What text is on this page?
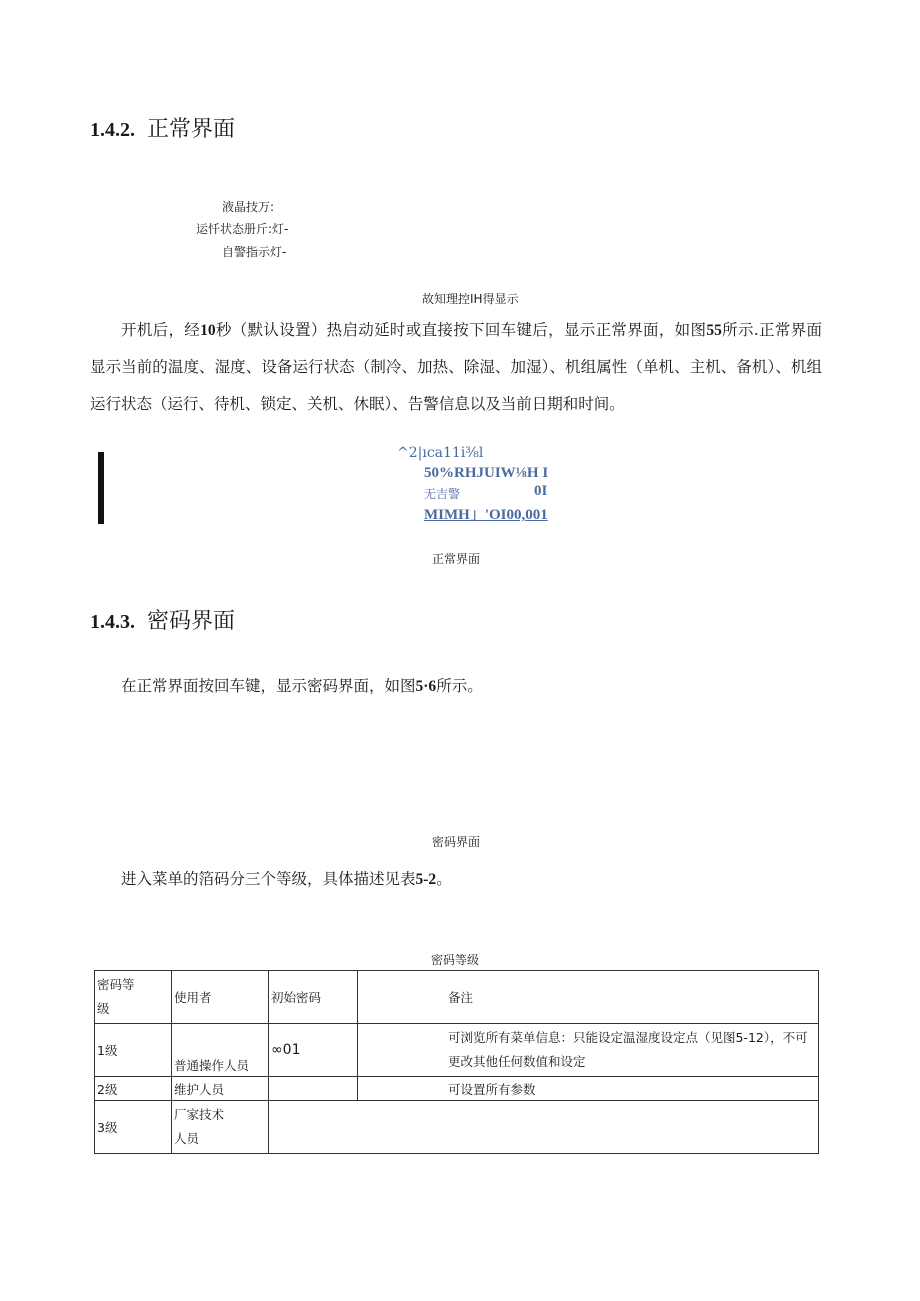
1.4.2. 正常界面
液晶技万:
运忏状态册斤:灯-
自警指示灯-
故知理控IH得显示
开机后，经10秒（默认设置）热启动延时或直接按下回车键后，显示正常界面，如图55所示.正常界面显示当前的温度、湿度、设备运行状态（制冷、加热、除湿、加湿）、机组属性（单机、主机、备机）、机组运行状态（运行、待机、锁定、关机、休眠）、告警信息以及当前日期和时间。
^2|ıca11i⅜l
50%RHJUIW⅛H I
无吉警	0I
MIMH」'OI00,001
正常界面
1.4.3. 密码界面
在正常界面按回车键，显示密码界面，如图5·6所示。
密码界面
进入菜单的箔码分三个等级，具体描述见表5-2。
密码等级
密码等
级	使用者	初始密码	备注
1级	普通操作人员	∞01	可浏览所有菜单信息：只能设定温湿度设定点（见图5-12），不可更改其他任何数值和设定
2级	维护人员		可设置所有参数
3级	厂家技术
人员		
